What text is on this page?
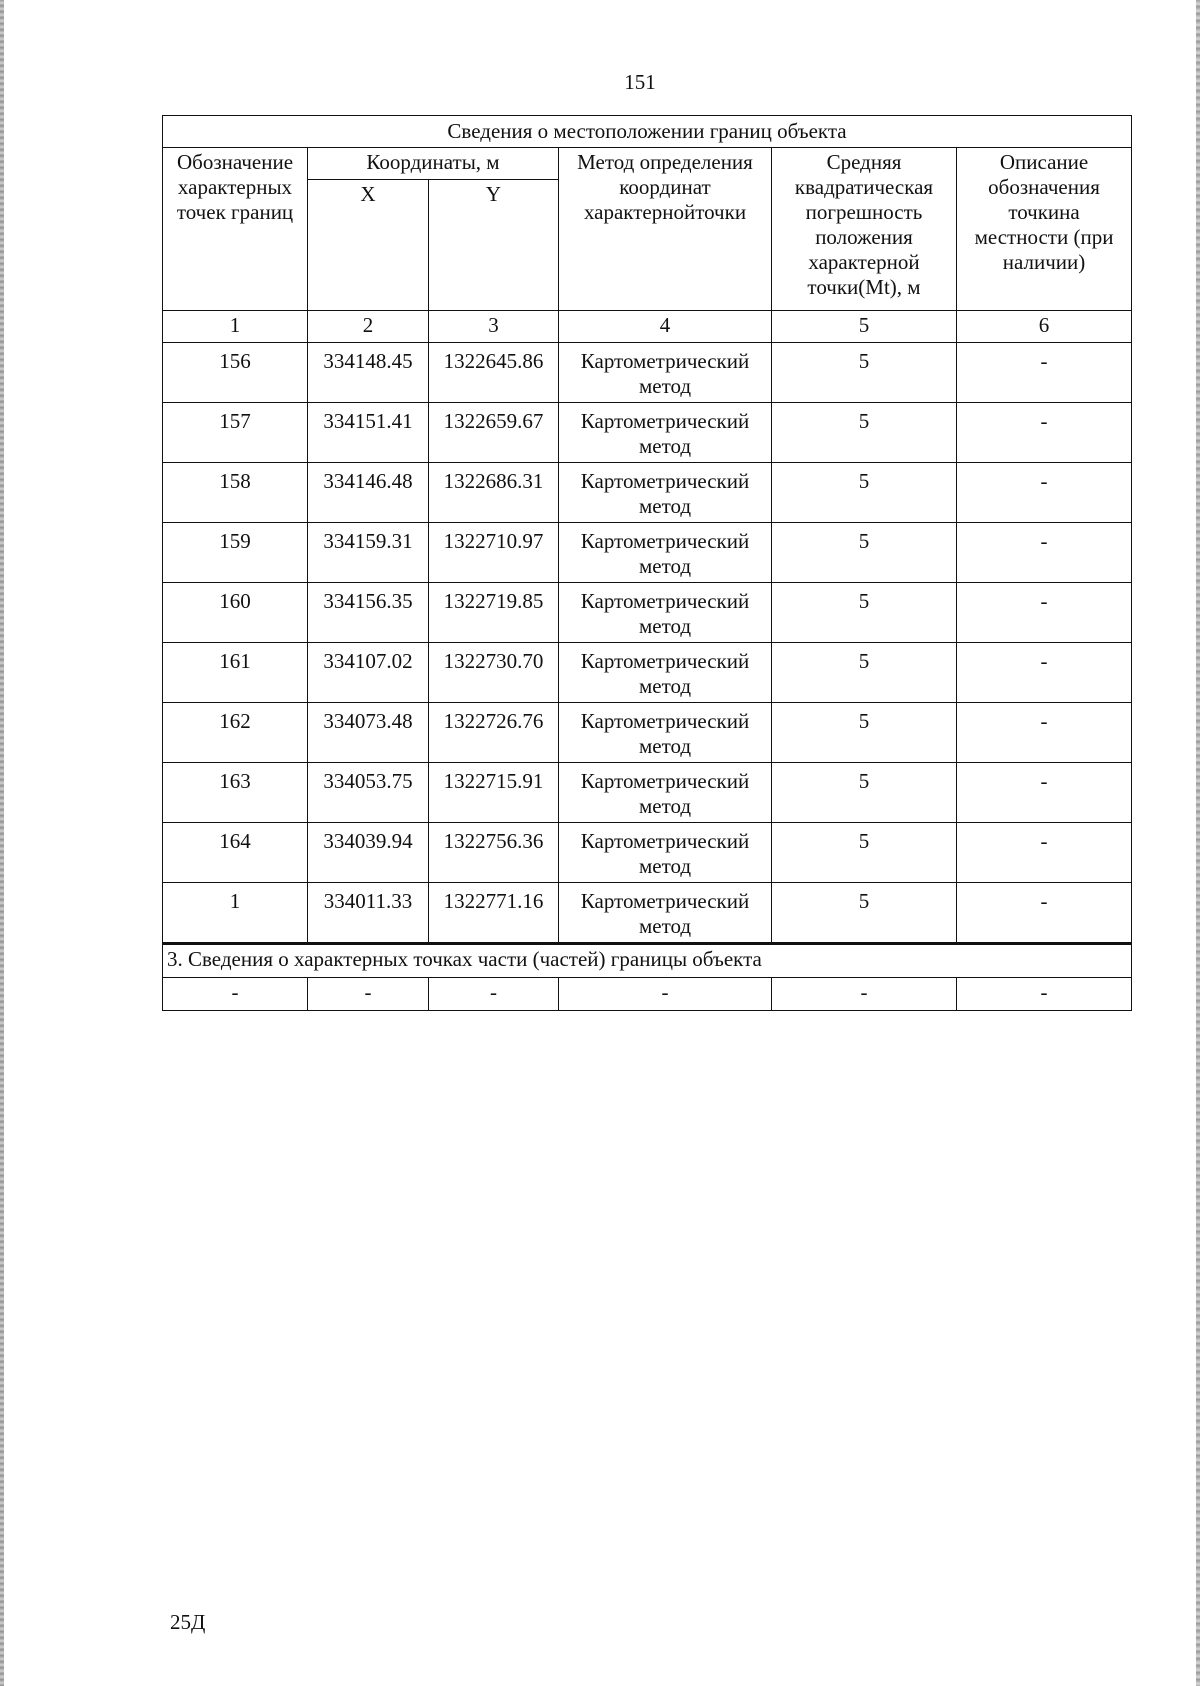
151
Сведения о местоположении границ объекта					
Обозначение характерных точек границ	Координаты, м		Метод определения координат характернойточки	Средняя квадратическая погрешность положения характерной точки(Mt), м	Описание обозначения точкина местности (при наличии)
	X	Y			
1	2	3	4	5	6
156	334148.45	1322645.86	Картометрический метод	5	-
157	334151.41	1322659.67	Картометрический метод	5	-
158	334146.48	1322686.31	Картометрический метод	5	-
159	334159.31	1322710.97	Картометрический метод	5	-
160	334156.35	1322719.85	Картометрический метод	5	-
161	334107.02	1322730.70	Картометрический метод	5	-
162	334073.48	1322726.76	Картометрический метод	5	-
163	334053.75	1322715.91	Картометрический метод	5	-
164	334039.94	1322756.36	Картометрический метод	5	-
1	334011.33	1322771.16	Картометрический метод	5	-
3. Сведения о характерных точках части (частей) границы объекта					
-	-	-	-	-	-
25Д
